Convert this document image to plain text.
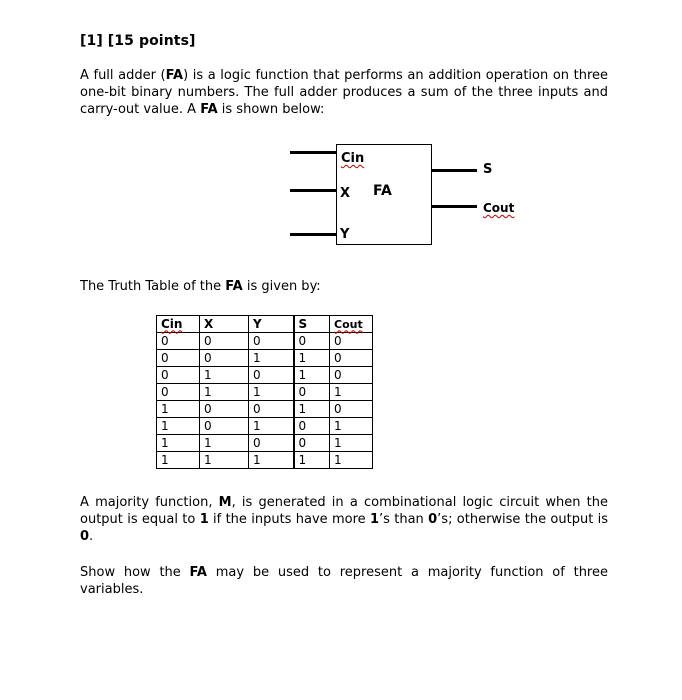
[1] [15 points]
A full adder (FA) is a logic function that performs an addition operation on three one-bit binary numbers. The full adder produces a sum of the three inputs and carry-out value. A FA is shown below:
Cin
X FA
Y
S
Cout
The Truth Table of the FA is given by:
Cin	X	Y	S	Cout
0	0	0	0	0
0	0	1	1	0
0	1	0	1	0
0	1	1	0	1
1	0	0	1	0
1	0	1	0	1
1	1	0	0	1
1	1	1	1	1
A majority function, M, is generated in a combinational logic circuit when the output is equal to 1 if the inputs have more 1’s than 0’s; otherwise the output is 0.
Show how the FA may be used to represent a majority function of three variables.
